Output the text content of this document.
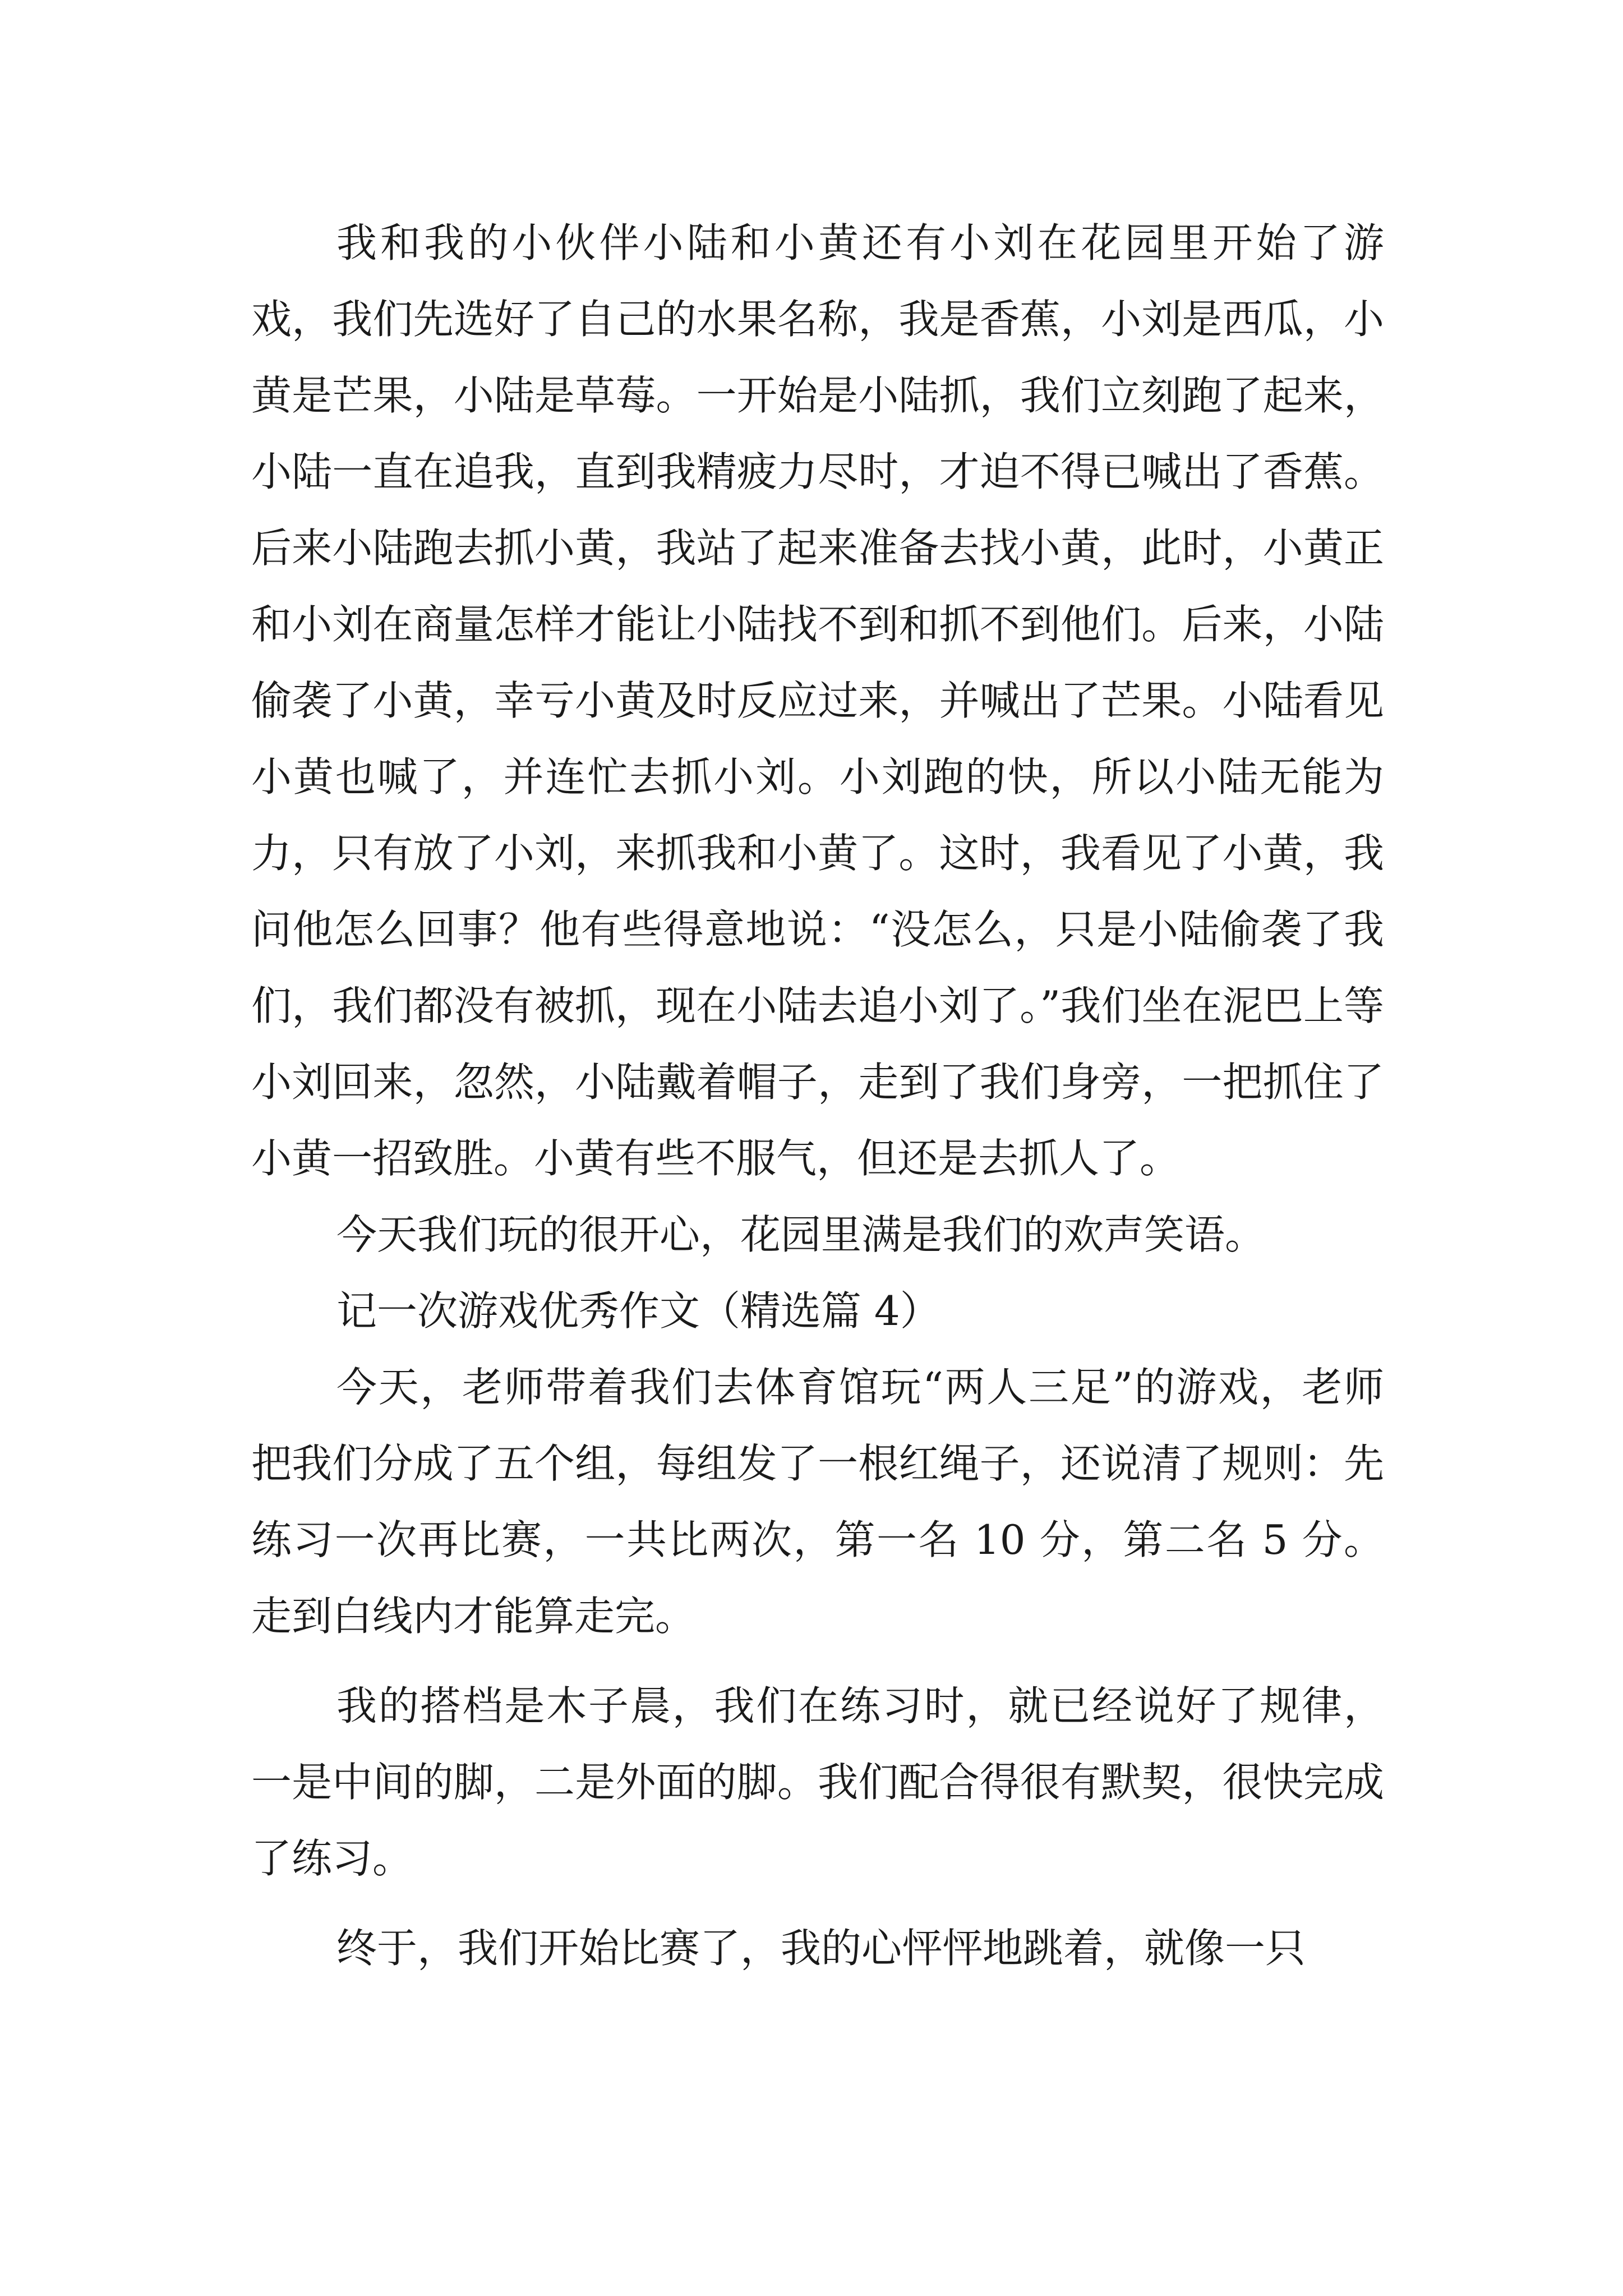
我和我的小伙伴小陆和小黄还有小刘在花园里开始了游戏，我们先选好了自己的水果名称，我是香蕉，小刘是西瓜，小黄是芒果，小陆是草莓。一开始是小陆抓，我们立刻跑了起来，小陆一直在追我，直到我精疲力尽时，才迫不得已喊出了香蕉。后来小陆跑去抓小黄，我站了起来准备去找小黄，此时，小黄正和小刘在商量怎样才能让小陆找不到和抓不到他们。后来，小陆偷袭了小黄，幸亏小黄及时反应过来，并喊出了芒果。小陆看见小黄也喊了，并连忙去抓小刘。小刘跑的快，所以小陆无能为力，只有放了小刘，来抓我和小黄了。这时，我看见了小黄，我问他怎么回事？他有些得意地说：“没怎么，只是小陆偷袭了我们，我们都没有被抓，现在小陆去追小刘了。”我们坐在泥巴上等小刘回来，忽然，小陆戴着帽子，走到了我们身旁，一把抓住了小黄一招致胜。小黄有些不服气，但还是去抓人了。

今天我们玩的很开心，花园里满是我们的欢声笑语。

记一次游戏优秀作文（精选篇 4）

今天，老师带着我们去体育馆玩“两人三足”的游戏，老师把我们分成了五个组，每组发了一根红绳子，还说清了规则：先练习一次再比赛，一共比两次，第一名 10 分，第二名 5 分。走到白线内才能算走完。

我的搭档是木子晨，我们在练习时，就已经说好了规律，一是中间的脚，二是外面的脚。我们配合得很有默契，很快完成了练习。

终于，我们开始比赛了，我的心怦怦地跳着，就像一只
